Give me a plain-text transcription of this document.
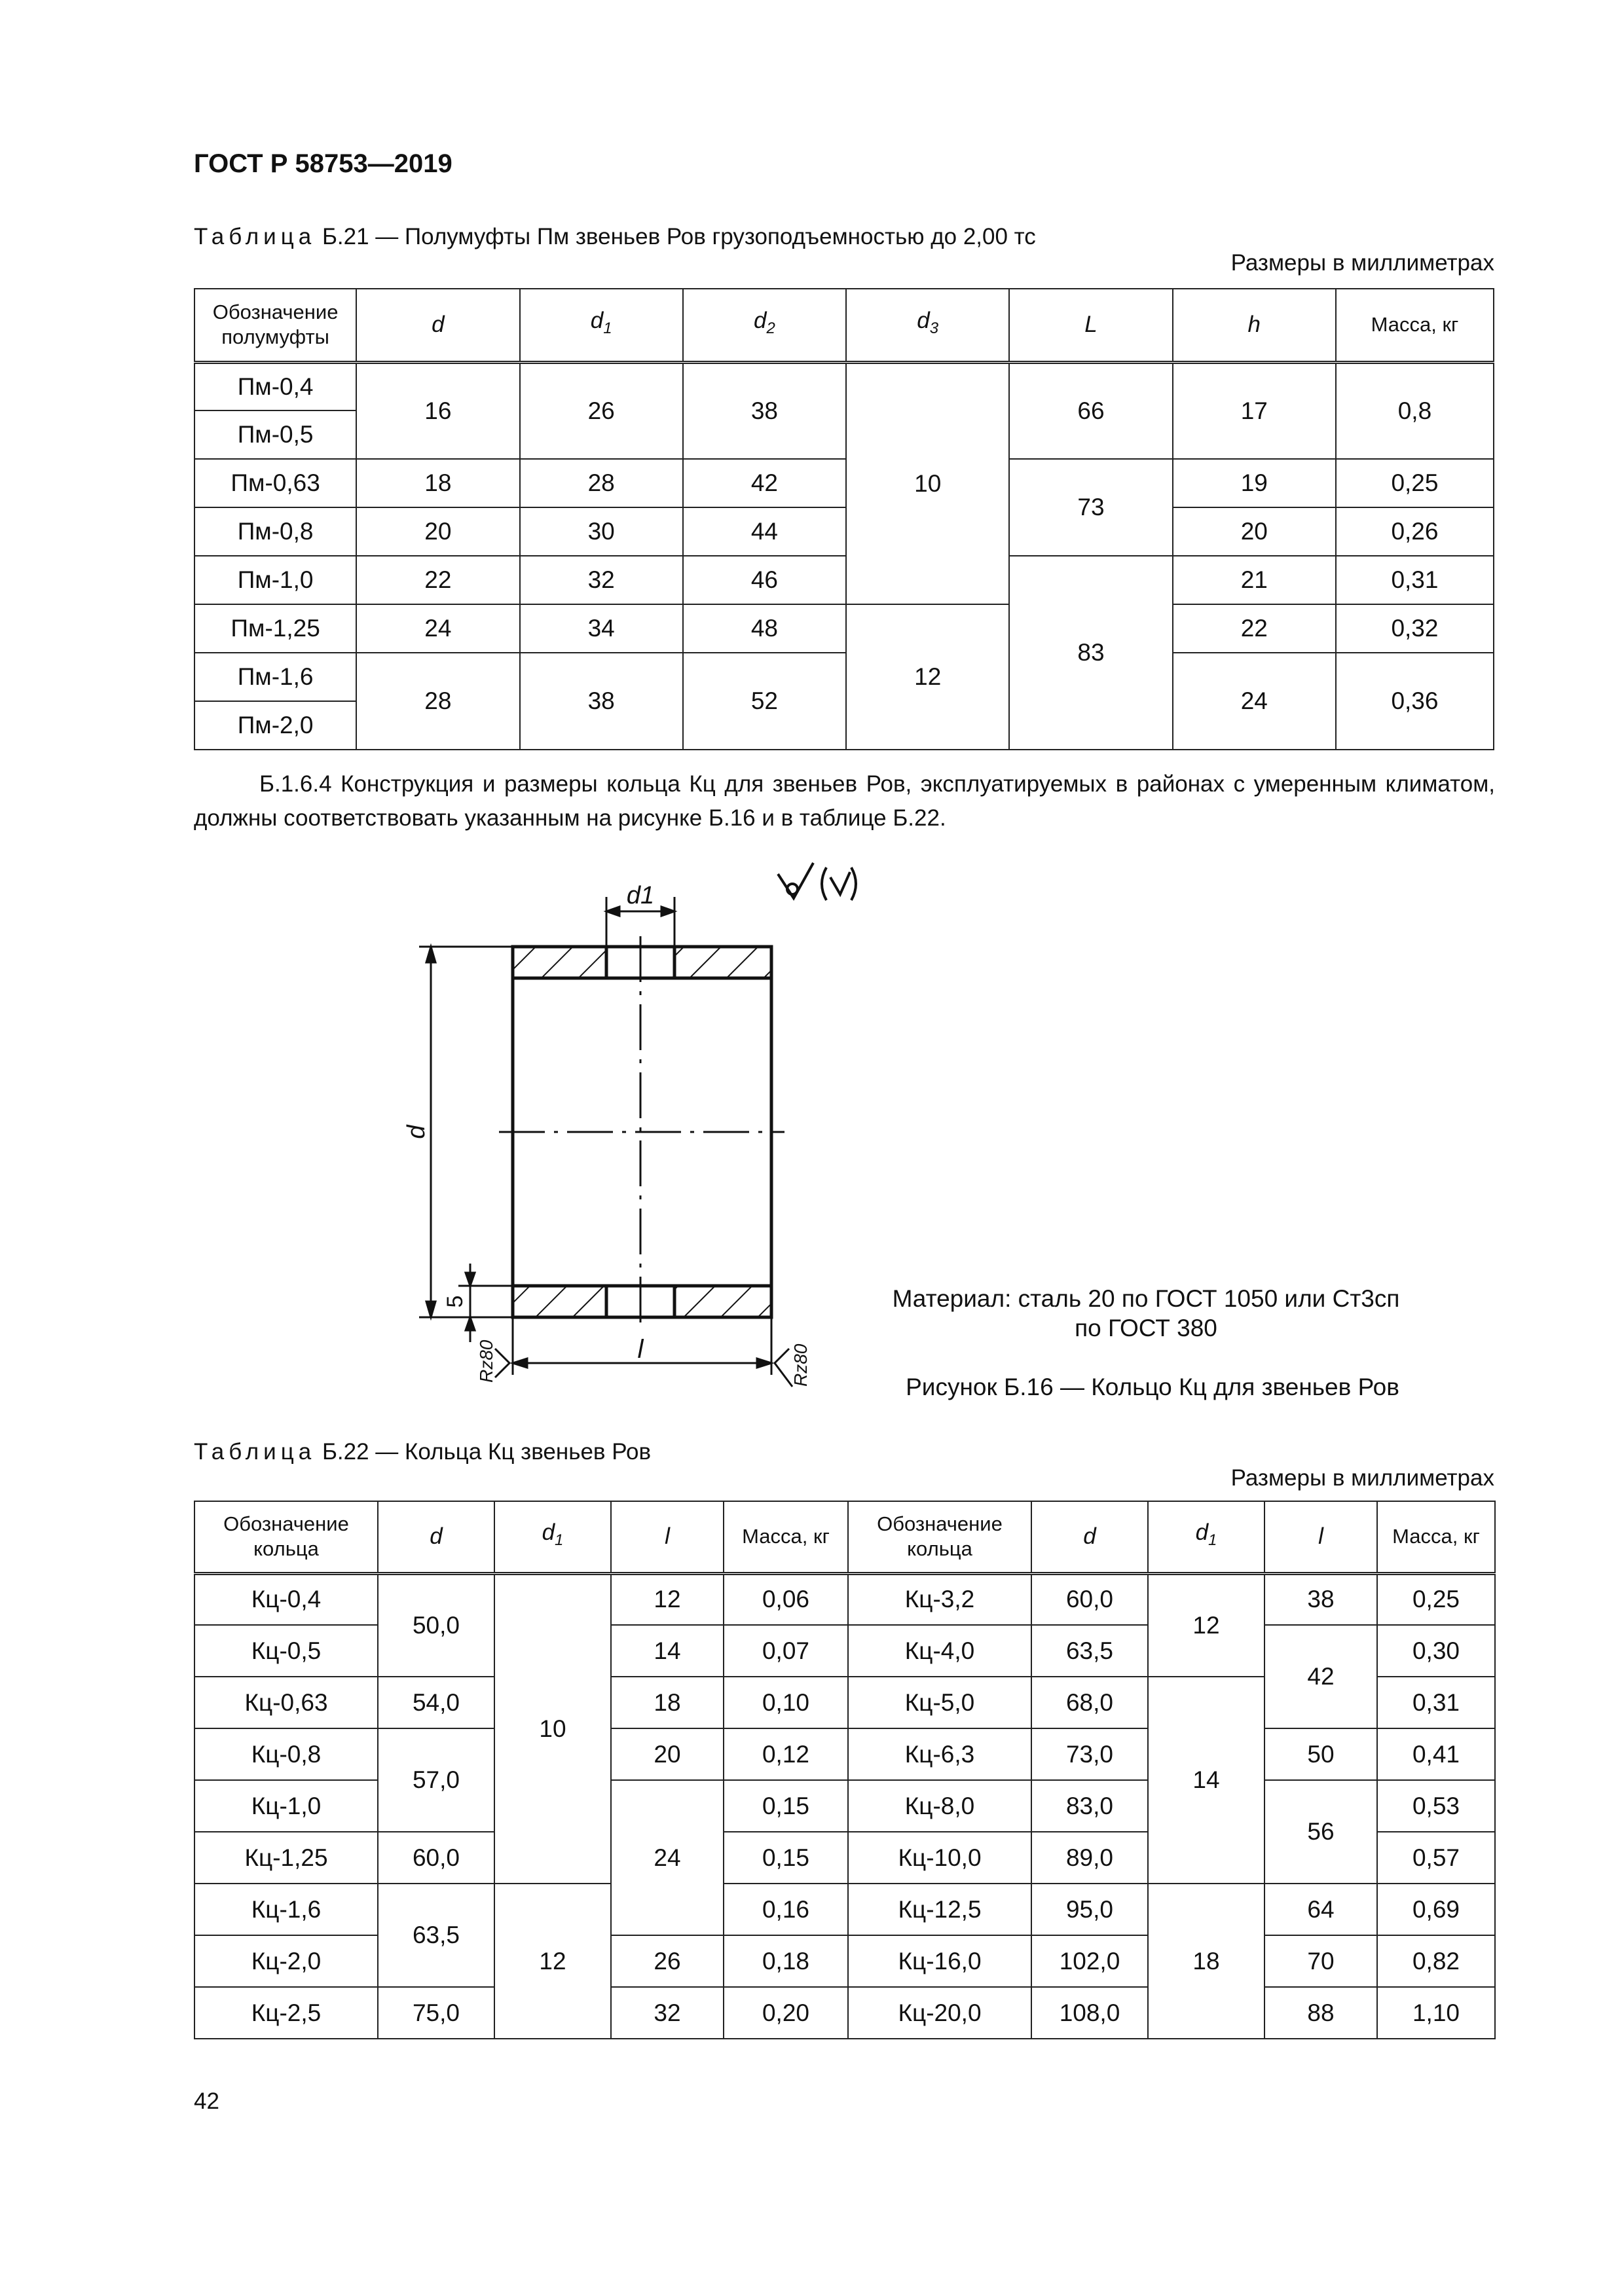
ГОСТ Р 58753—2019
Таблица Б.21 — Полумуфты Пм звеньев Ров грузоподъемностью до 2,00 тс
Размеры в миллиметрах
Обозначение полумуфты	d	$d_1$	$d_2$	$d_3$	L	h	Масса, кг
Пм-0,4	16	26	38	10	66	17	0,8
Пм-0,5							
Пм-0,63	18	28	42		73	19	0,25
Пм-0,8	20	30	44			20	0,26
Пм-1,0	22	32	46		83	21	0,31
Пм-1,25	24	34	48	12		22	0,32
Пм-1,6	28	38	52			24	0,36
Пм-2,0							
Б.1.6.4 Конструкция и размеры кольца Кц для звеньев Ров, эксплуатируемых в районах с умеренным климатом, должны соответствовать указанным на рисунке Б.16 и в таблице Б.22.
d1
d
5
l
Rz80	Rz80
Материал: сталь 20 по ГОСТ 1050 или Ст3сп
по ГОСТ 380
Рисунок Б.16 — Кольцо Кц для звеньев Ров
Таблица Б.22 — Кольца Кц звеньев Ров
Размеры в миллиметрах
Обозначение кольца	d	$d_1$	l	Масса, кг	Обозначение кольца	d	$d_1$	l	Масса, кг
Кц-0,4	50,0	10	12	0,06	Кц-3,2	60,0	12	38	0,25
Кц-0,5			14	0,07	Кц-4,0	63,5		42	0,30
Кц-0,63	54,0		18	0,10	Кц-5,0	68,0	14		0,31
Кц-0,8	57,0		20	0,12	Кц-6,3	73,0		50	0,41
Кц-1,0			24	0,15	Кц-8,0	83,0		56	0,53
Кц-1,25	60,0			0,15	Кц-10,0	89,0			0,57
Кц-1,6	63,5	12		0,16	Кц-12,5	95,0	18	64	0,69
Кц-2,0			26	0,18	Кц-16,0	102,0		70	0,82
Кц-2,5	75,0		32	0,20	Кц-20,0	108,0		88	1,10
42
